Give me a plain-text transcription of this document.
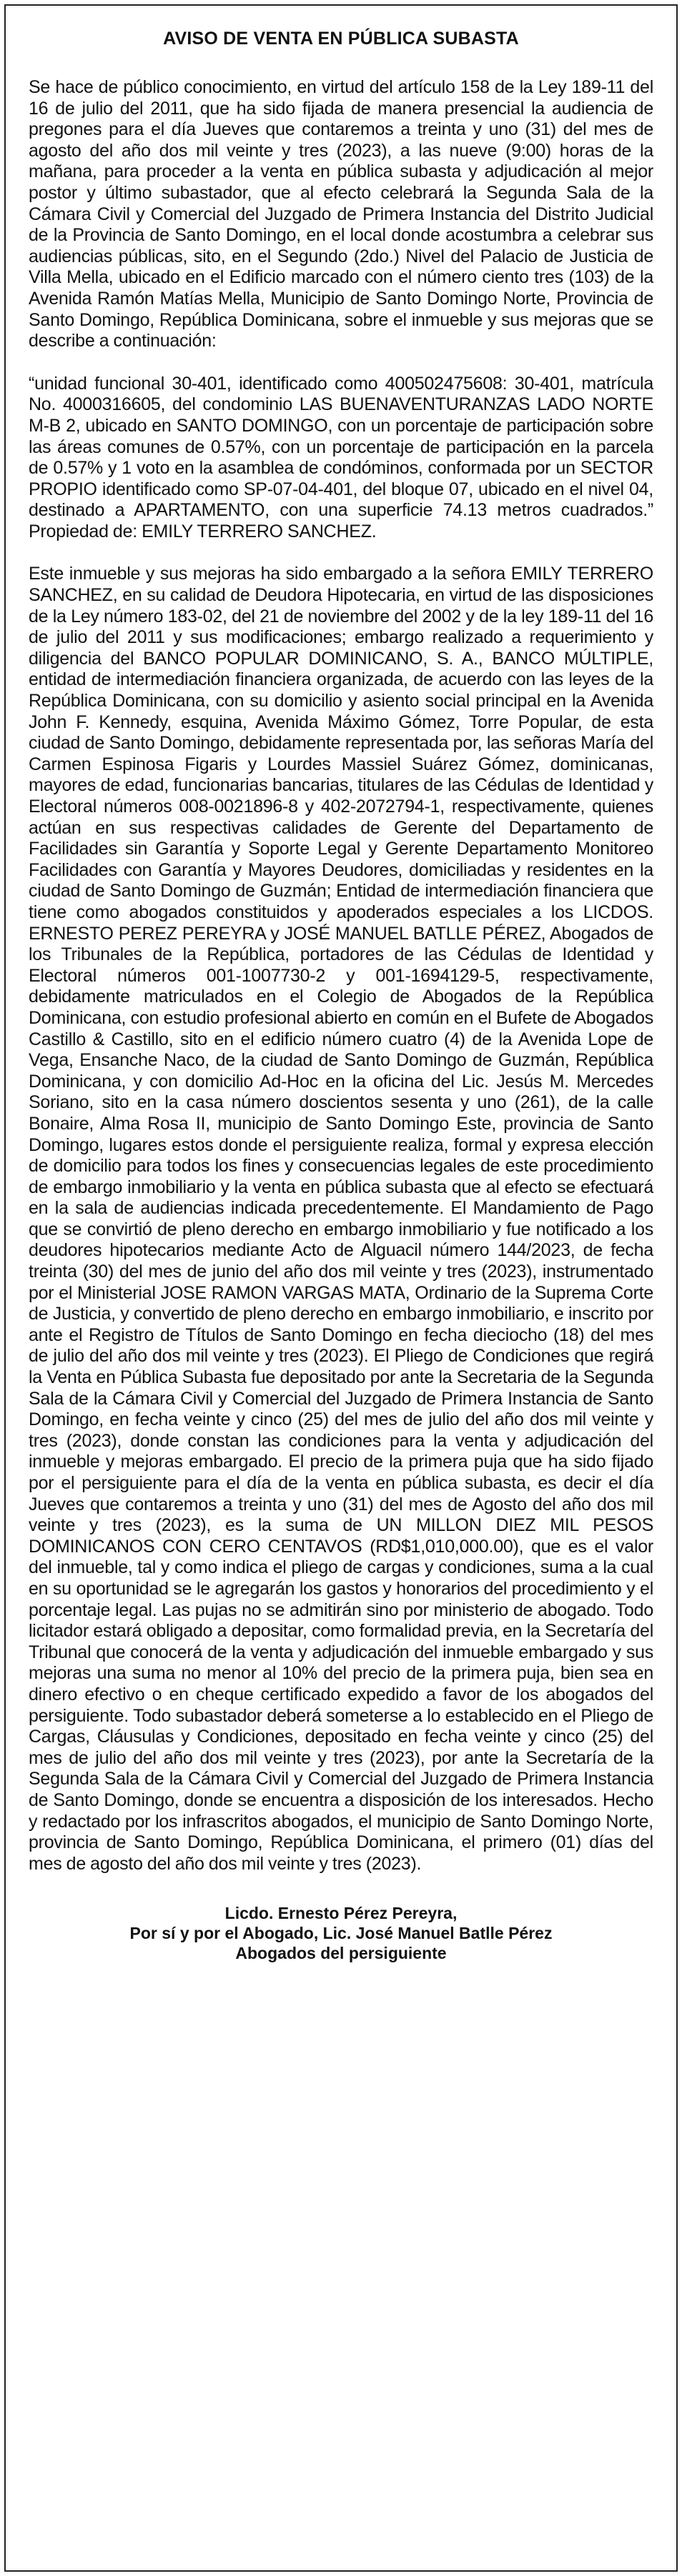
AVISO DE VENTA EN PÚBLICA SUBASTA

Se hace de público conocimiento, en virtud del artículo 158 de la Ley 189-11 del 16 de julio del 2011, que ha sido fijada de manera presencial la audiencia de pregones para el día Jueves que contaremos a treinta y uno (31) del mes de agosto del año dos mil veinte y tres (2023), a las nueve (9:00) horas de la mañana, para proceder a la venta en pública subasta y adjudicación al mejor postor y último subastador, que al efecto celebrará la Segunda Sala de la Cámara Civil y Comercial del Juzgado de Primera Instancia del Distrito Judicial de la Provincia de Santo Domingo, en el local donde acostumbra a celebrar sus audiencias públicas, sito, en el Segundo (2do.) Nivel del Palacio de Justicia de Villa Mella, ubicado en el Edificio marcado con el número ciento tres (103) de la Avenida Ramón Matías Mella, Municipio de Santo Domingo Norte, Provincia de Santo Domingo, República Dominicana, sobre el inmueble y sus mejoras que se describe a continuación:

“unidad funcional 30-401, identificado como 400502475608: 30-401, matrícula No. 4000316605, del condominio LAS BUENAVENTURANZAS LADO NORTE M-B 2, ubicado en SANTO DOMINGO, con un porcentaje de participación sobre las áreas comunes de 0.57%, con un porcentaje de participación en la parcela de 0.57% y 1 voto en la asamblea de condóminos, conformada por un SECTOR PROPIO identificado como SP-07-04-401, del bloque 07, ubicado en el nivel 04, destinado a APARTAMENTO, con una superficie 74.13 metros cuadrados.” Propiedad de: EMILY TERRERO SANCHEZ.

Este inmueble y sus mejoras ha sido embargado a la señora EMILY TERRERO SANCHEZ, en su calidad de Deudora Hipotecaria, en virtud de las disposiciones de la Ley número 183-02, del 21 de noviembre del 2002 y de la ley 189-11 del 16 de julio del 2011 y sus modificaciones; embargo realizado a requerimiento y diligencia del BANCO POPULAR DOMINICANO, S. A., BANCO MÚLTIPLE, entidad de intermediación financiera organizada, de acuerdo con las leyes de la República Dominicana, con su domicilio y asiento social principal en la Avenida John F. Kennedy, esquina, Avenida Máximo Gómez, Torre Popular, de esta ciudad de Santo Domingo, debidamente representada por, las señoras María del Carmen Espinosa Figaris y Lourdes Massiel Suárez Gómez, dominicanas, mayores de edad, funcionarias bancarias, titulares de las Cédulas de Identidad y Electoral números 008-0021896-8 y 402-2072794-1, respectivamente, quienes actúan en sus respectivas calidades de Gerente del Departamento de Facilidades sin Garantía y Soporte Legal y Gerente Departamento Monitoreo Facilidades con Garantía y Mayores Deudores, domiciliadas y residentes en la ciudad de Santo Domingo de Guzmán; Entidad de intermediación financiera que tiene como abogados constituidos y apoderados especiales a los LICDOS. ERNESTO PEREZ PEREYRA y JOSÉ MANUEL BATLLE PÉREZ, Abogados de los Tribunales de la República, portadores de las Cédulas de Identidad y Electoral números 001-1007730-2 y 001-1694129-5, respectivamente, debidamente matriculados en el Colegio de Abogados de la República Dominicana, con estudio profesional abierto en común en el Bufete de Abogados Castillo & Castillo, sito en el edificio número cuatro (4) de la Avenida Lope de Vega, Ensanche Naco, de la ciudad de Santo Domingo de Guzmán, República Dominicana, y con domicilio Ad-Hoc en la oficina del Lic. Jesús M. Mercedes Soriano, sito en la casa número doscientos sesenta y uno (261), de la calle Bonaire, Alma Rosa II, municipio de Santo Domingo Este, provincia de Santo Domingo, lugares estos donde el persiguiente realiza, formal y expresa elección de domicilio para todos los fines y consecuencias legales de este procedimiento de embargo inmobiliario y la venta en pública subasta que al efecto se efectuará en la sala de audiencias indicada precedentemente. El Mandamiento de Pago que se convirtió de pleno derecho en embargo inmobiliario y fue notificado a los deudores hipotecarios mediante Acto de Alguacil número 144/2023, de fecha treinta (30) del mes de junio del año dos mil veinte y tres (2023), instrumentado por el Ministerial JOSE RAMON VARGAS MATA, Ordinario de la Suprema Corte de Justicia, y convertido de pleno derecho en embargo inmobiliario, e inscrito por ante el Registro de Títulos de Santo Domingo en fecha dieciocho (18) del mes de julio del año dos mil veinte y tres (2023). El Pliego de Condiciones que regirá la Venta en Pública Subasta fue depositado por ante la Secretaria de la Segunda Sala de la Cámara Civil y Comercial del Juzgado de Primera Instancia de Santo Domingo, en fecha veinte y cinco (25) del mes de julio del año dos mil veinte y tres (2023), donde constan las condiciones para la venta y adjudicación del inmueble y mejoras embargado. El precio de la primera puja que ha sido fijado por el persiguiente para el día de la venta en pública subasta, es decir el día Jueves que contaremos a treinta y uno (31) del mes de Agosto del año dos mil veinte y tres (2023), es la suma de UN MILLON DIEZ MIL PESOS DOMINICANOS CON CERO CENTAVOS (RD$1,010,000.00), que es el valor del inmueble, tal y como indica el pliego de cargas y condiciones, suma a la cual en su oportunidad se le agregarán los gastos y honorarios del procedimiento y el porcentaje legal. Las pujas no se admitirán sino por ministerio de abogado. Todo licitador estará obligado a depositar, como formalidad previa, en la Secretaría del Tribunal que conocerá de la venta y adjudicación del inmueble embargado y sus mejoras una suma no menor al 10% del precio de la primera puja, bien sea en dinero efectivo o en cheque certificado expedido a favor de los abogados del persiguiente. Todo subastador deberá someterse a lo establecido en el Pliego de Cargas, Cláusulas y Condiciones, depositado en fecha veinte y cinco (25) del mes de julio del año dos mil veinte y tres (2023), por ante la Secretaría de la Segunda Sala de la Cámara Civil y Comercial del Juzgado de Primera Instancia de Santo Domingo, donde se encuentra a disposición de los interesados. Hecho y redactado por los infrascritos abogados, el municipio de Santo Domingo Norte, provincia de Santo Domingo, República Dominicana, el primero (01) días del mes de agosto del año dos mil veinte y tres (2023).

Licdo. Ernesto Pérez Pereyra,
Por sí y por el Abogado, Lic. José Manuel Batlle Pérez
Abogados del persiguiente
